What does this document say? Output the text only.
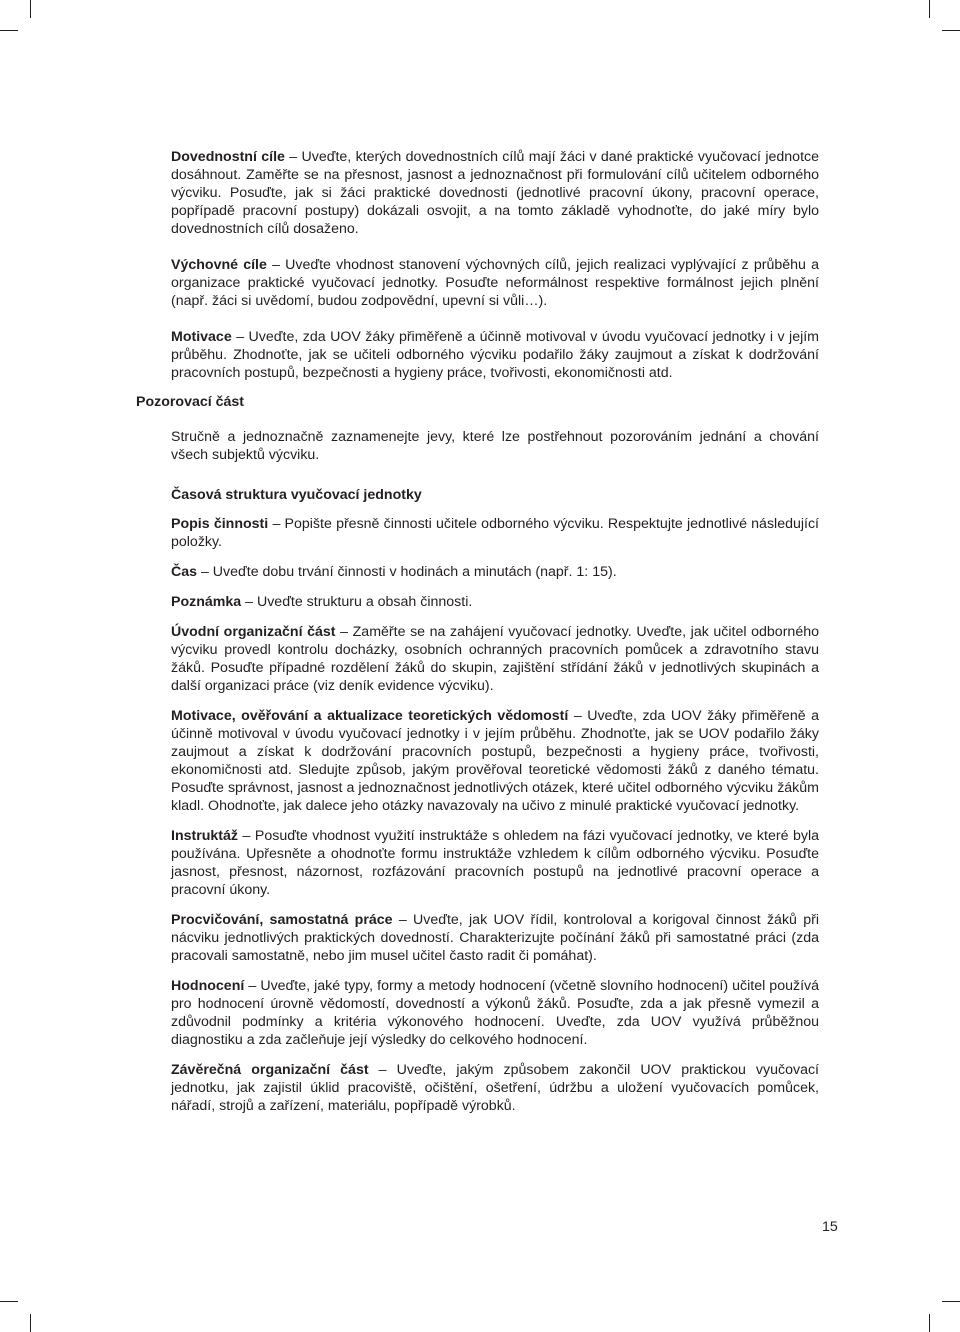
Dovednostní cíle – Uveďte, kterých dovednostních cílů mají žáci v dané praktické vyučovací jednotce dosáhnout. Zaměřte se na přesnost, jasnost a jednoznačnost při formulování cílů učitelem odborného výcviku. Posuďte, jak si žáci praktické dovednosti (jednotlivé pracovní úkony, pracovní operace, popřípadě pracovní postupy) dokázali osvojit, a na tomto základě vyhodnoťte, do jaké míry bylo dovednostních cílů dosaženo.

Výchovné cíle – Uveďte vhodnost stanovení výchovných cílů, jejich realizaci vyplývající z průběhu a organizace praktické vyučovací jednotky. Posuďte neformálnost respektive formálnost jejich plnění (např. žáci si uvědomí, budou zodpovědní, upevní si vůli…).

Motivace – Uveďte, zda UOV žáky přiměřeně a účinně motivoval v úvodu vyučovací jednotky i v jejím průběhu. Zhodnoťte, jak se učiteli odborného výcviku podařilo žáky zaujmout a získat k dodržování pracovních postupů, bezpečnosti a hygieny práce, tvořivosti, ekonomičnosti atd.

Pozorovací část

Stručně a jednoznačně zaznamenejte jevy, které lze postřehnout pozorováním jednání a chování všech subjektů výcviku.

Časová struktura vyučovací jednotky

Popis činnosti – Popište přesně činnosti učitele odborného výcviku. Respektujte jednotlivé následující položky.

Čas – Uveďte dobu trvání činnosti v hodinách a minutách (např. 1: 15).

Poznámka – Uveďte strukturu a obsah činnosti.

Úvodní organizační část – Zaměřte se na zahájení vyučovací jednotky. Uveďte, jak učitel odborného výcviku provedl kontrolu docházky, osobních ochranných pracovních pomůcek a zdravotního stavu žáků. Posuďte případné rozdělení žáků do skupin, zajištění střídání žáků v jednotlivých skupinách a další organizaci práce (viz deník evidence výcviku).

Motivace, ověřování a aktualizace teoretických vědomostí – Uveďte, zda UOV žáky přiměřeně a účinně motivoval v úvodu vyučovací jednotky i v jejím průběhu. Zhodnoťte, jak se UOV podařilo žáky zaujmout a získat k dodržování pracovních postupů, bezpečnosti a hygieny práce, tvořivosti, ekonomičnosti atd. Sledujte způsob, jakým prověřoval teoretické vědomosti žáků z daného tématu. Posuďte správnost, jasnost a jednoznačnost jednotlivých otázek, které učitel odborného výcviku žákům kladl. Ohodnoťte, jak dalece jeho otázky navazovaly na učivo z minulé praktické vyučovací jednotky.

Instruktáž – Posuďte vhodnost využití instruktáže s ohledem na fázi vyučovací jednotky, ve které byla používána. Upřesněte a ohodnoťte formu instruktáže vzhledem k cílům odborného výcviku. Posuďte jasnost, přesnost, názornost, rozfázování pracovních postupů na jednotlivé pracovní operace a pracovní úkony.

Procvičování, samostatná práce – Uveďte, jak UOV řídil, kontroloval a korigoval činnost žáků při nácviku jednotlivých praktických dovedností. Charakterizujte počínání žáků při samostatné práci (zda pracovali samostatně, nebo jim musel učitel často radit či pomáhat).

Hodnocení – Uveďte, jaké typy, formy a metody hodnocení (včetně slovního hodnocení) učitel používá pro hodnocení úrovně vědomostí, dovedností a výkonů žáků. Posuďte, zda a jak přesně vymezil a zdůvodnil podmínky a kritéria výkonového hodnocení. Uveďte, zda UOV využívá průběžnou diagnostiku a zda začleňuje její výsledky do celkového hodnocení.

Závěrečná organizační část – Uveďte, jakým způsobem zakončil UOV praktickou vyučovací jednotku, jak zajistil úklid pracoviště, očištění, ošetření, údržbu a uložení vyučovacích pomůcek, nářadí, strojů a zařízení, materiálu, popřípadě výrobků.

15
